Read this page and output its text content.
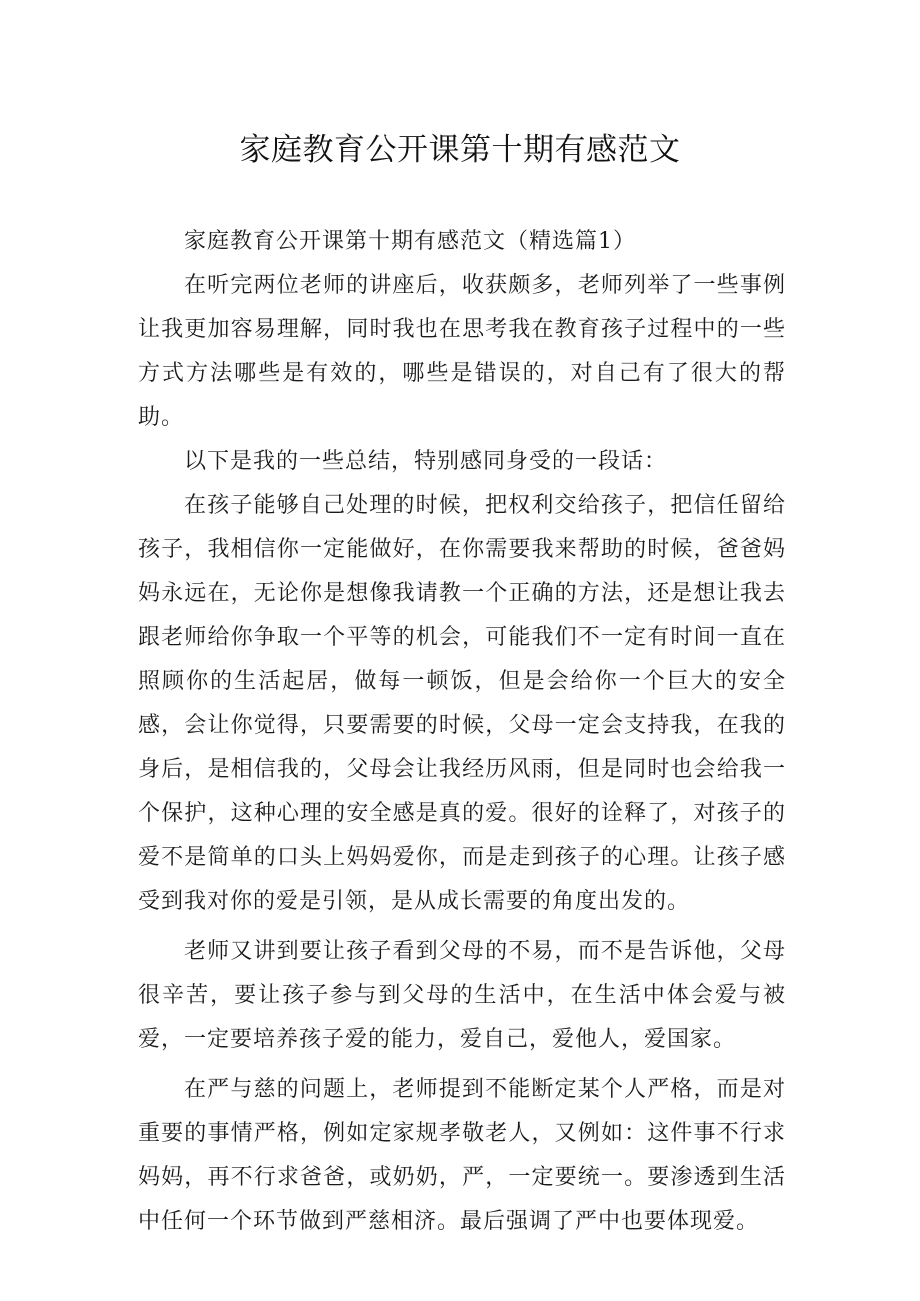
家庭教育公开课第十期有感范文

家庭教育公开课第十期有感范文（精选篇1）

在听完两位老师的讲座后，收获颇多，老师列举了一些事例让我更加容易理解，同时我也在思考我在教育孩子过程中的一些方式方法哪些是有效的，哪些是错误的，对自己有了很大的帮助。

以下是我的一些总结，特别感同身受的一段话：

在孩子能够自己处理的时候，把权利交给孩子，把信任留给孩子，我相信你一定能做好，在你需要我来帮助的时候，爸爸妈妈永远在，无论你是想像我请教一个正确的方法，还是想让我去跟老师给你争取一个平等的机会，可能我们不一定有时间一直在照顾你的生活起居，做每一顿饭，但是会给你一个巨大的安全感，会让你觉得，只要需要的时候，父母一定会支持我，在我的身后，是相信我的，父母会让我经历风雨，但是同时也会给我一个保护，这种心理的安全感是真的爱。很好的诠释了，对孩子的爱不是简单的口头上妈妈爱你，而是走到孩子的心理。让孩子感受到我对你的爱是引领，是从成长需要的角度出发的。

老师又讲到要让孩子看到父母的不易，而不是告诉他，父母很辛苦，要让孩子参与到父母的生活中，在生活中体会爱与被爱，一定要培养孩子爱的能力，爱自己，爱他人，爱国家。

在严与慈的问题上，老师提到不能断定某个人严格，而是对重要的事情严格，例如定家规孝敬老人，又例如：这件事不行求妈妈，再不行求爸爸，或奶奶，严，一定要统一。要渗透到生活中任何一个环节做到严慈相济。最后强调了严中也要体现爱。
